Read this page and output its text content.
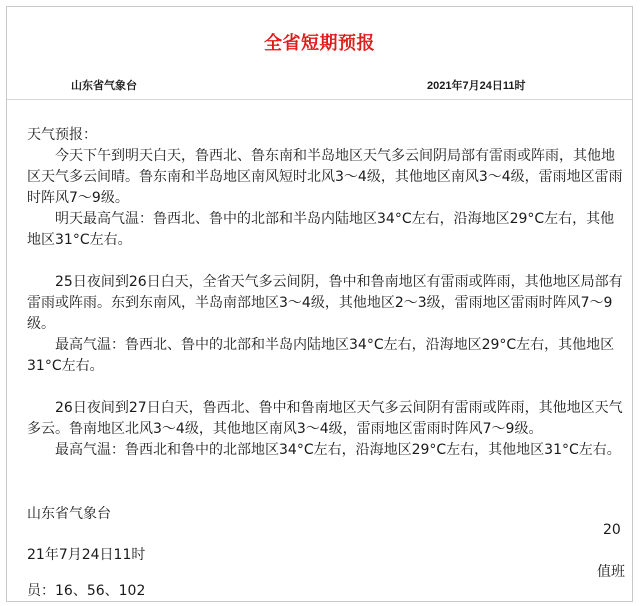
全省短期预报
山东省气象台	2021年7月24日11时

天气预报：

今天下午到明天白天，鲁西北、鲁东南和半岛地区天气多云间阴局部有雷雨或阵雨，其他地区天气多云间晴。鲁东南和半岛地区南风短时北风3～4级，其他地区南风3～4级，雷雨地区雷雨时阵风7～9级。

明天最高气温：鲁西北、鲁中的北部和半岛内陆地区34°C左右，沿海地区29°C左右，其他地区31°C左右。

25日夜间到26日白天，全省天气多云间阴，鲁中和鲁南地区有雷雨或阵雨，其他地区局部有雷雨或阵雨。东到东南风，半岛南部地区3～4级，其他地区2～3级，雷雨地区雷雨时阵风7～9级。

最高气温：鲁西北、鲁中的北部和半岛内陆地区34°C左右，沿海地区29°C左右，其他地区31°C左右。

26日夜间到27日白天，鲁西北、鲁中和鲁南地区天气多云间阴有雷雨或阵雨，其他地区天气多云。鲁南地区北风3～4级，其他地区南风3～4级，雷雨地区雷雨时阵风7～9级。

最高气温：鲁西北和鲁中的北部地区34°C左右，沿海地区29°C左右，其他地区31°C左右。

山东省气象台
20
21年7月24日11时
值班
员：16、56、102
